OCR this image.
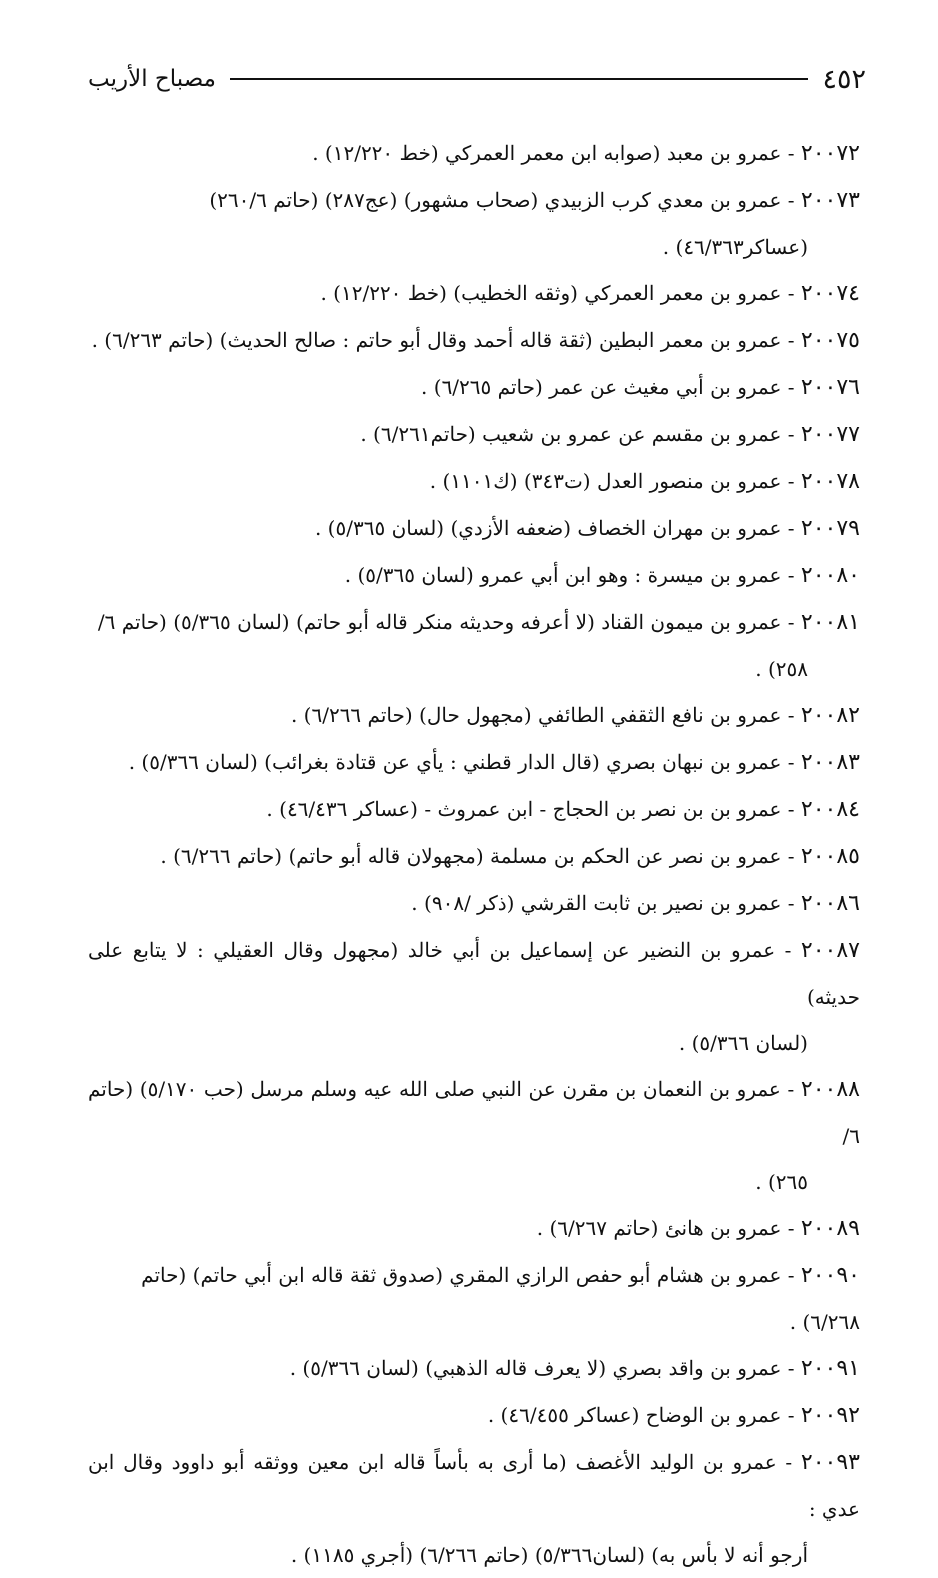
٤٥٢
مصباح الأريب
٢٠٠٧٢ - عمرو بن معبد (صوابه ابن معمر العمركي (خط ١٢/٢٢٠) .
٢٠٠٧٣ - عمرو بن معدي كرب الزبيدي (صحاب مشهور) (عج٢٨٧) (حاتم ٢٦٠/٦)
(عساكر٤٦/٣٦٣) .
٢٠٠٧٤ - عمرو بن معمر العمركي (وثقه الخطيب) (خط ١٢/٢٢٠) .
٢٠٠٧٥ - عمرو بن معمر البطين (ثقة قاله أحمد وقال أبو حاتم : صالح الحديث) (حاتم ٦/٢٦٣) .
٢٠٠٧٦ - عمرو بن أبي مغيث عن عمر (حاتم ٦/٢٦٥) .
٢٠٠٧٧ - عمرو بن مقسم عن عمرو بن شعيب (حاتم٦/٢٦١) .
٢٠٠٧٨ - عمرو بن منصور العدل (ت٣٤٣) (ك١١٠١) .
٢٠٠٧٩ - عمرو بن مهران الخصاف (ضعفه الأزدي) (لسان ٥/٣٦٥) .
٢٠٠٨٠ - عمرو بن ميسرة : وهو ابن أبي عمرو (لسان ٥/٣٦٥) .
٢٠٠٨١ - عمرو بن ميمون القناد (لا أعرفه وحديثه منكر قاله أبو حاتم) (لسان ٥/٣٦٥) (حاتم ٦/
٢٥٨) .
٢٠٠٨٢ - عمرو بن نافع الثقفي الطائفي (مجهول حال) (حاتم ٦/٢٦٦) .
٢٠٠٨٣ - عمرو بن نبهان بصري (قال الدار قطني : يأي عن قتادة بغرائب) (لسان ٥/٣٦٦) .
٢٠٠٨٤ - عمرو بن بن نصر بن الحجاج - ابن عمروث - (عساكر ٤٦/٤٣٦) .
٢٠٠٨٥ - عمرو بن نصر عن الحكم بن مسلمة (مجهولان قاله أبو حاتم) (حاتم ٦/٢٦٦) .
٢٠٠٨٦ - عمرو بن نصير بن ثابت القرشي (ذكر /٩٠٨) .
٢٠٠٨٧ - عمرو بن النضير عن إسماعيل بن أبي خالد (مجهول وقال العقيلي : لا يتابع على حديثه)
(لسان ٥/٣٦٦) .
٢٠٠٨٨ - عمرو بن النعمان بن مقرن عن النبي صلى الله عيه وسلم مرسل (حب ٥/١٧٠) (حاتم ٦/
٢٦٥) .
٢٠٠٨٩ - عمرو بن هانئ (حاتم ٦/٢٦٧) .
٢٠٠٩٠ - عمرو بن هشام أبو حفص الرازي المقري (صدوق ثقة قاله ابن أبي حاتم) (حاتم ٦/٢٦٨) .
٢٠٠٩١ - عمرو بن واقد بصري (لا يعرف قاله الذهبي) (لسان ٥/٣٦٦) .
٢٠٠٩٢ - عمرو بن الوضاح (عساكر ٤٦/٤٥٥) .
٢٠٠٩٣ - عمرو بن الوليد الأغصف (ما أرى به بأساً قاله ابن معين ووثقه أبو داوود وقال ابن عدي :
أرجو أنه لا بأس به) (لسان٥/٣٦٦) (حاتم ٦/٢٦٦) (أجري ١١٨٥) .
